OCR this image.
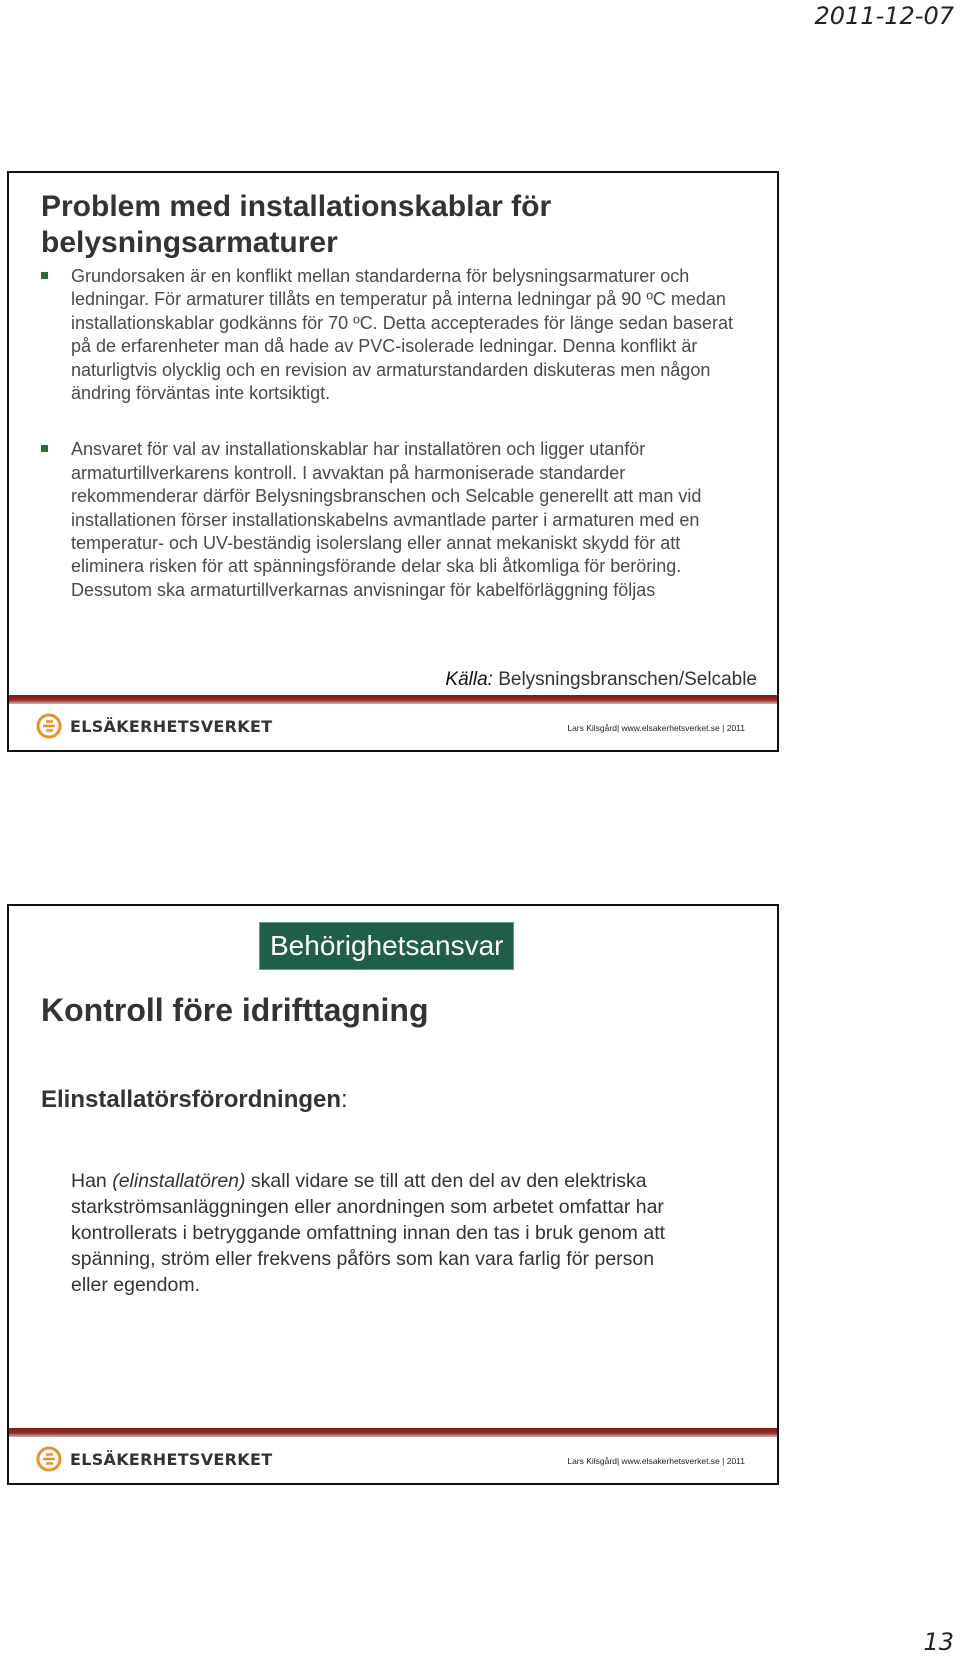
2011-12-07
Problem med installationskablar för
belysningsarmaturer
Grundorsaken är en konflikt mellan standarderna för belysningsarmaturer och ledningar. För armaturer tillåts en temperatur på interna ledningar på 90 ºC medan installationskablar godkänns för 70 ºC. Detta accepterades för länge sedan baserat på de erfarenheter man då hade av PVC-isolerade ledningar. Denna konflikt är naturligtvis olycklig och en revision av armaturstandarden diskuteras men någon ändring förväntas inte kortsiktigt.
Ansvaret för val av installationskablar har installatören och ligger utanför armaturtillverkarens kontroll. I avvaktan på harmoniserade standarder rekommenderar därför Belysningsbranschen och Selcable generellt att man vid installationen förser installationskabelns avmantlade parter i armaturen med en temperatur- och UV-beständig isolerslang eller annat mekaniskt skydd för att eliminera risken för att spänningsförande delar ska bli åtkomliga för beröring. Dessutom ska armaturtillverkarnas anvisningar för kabelförläggning följas
Källa: Belysningsbranschen/Selcable
ELSÄKERHETSVERKET	Lars Kilsgård| www.elsakerhetsverket.se | 2011
Behörighetsansvar
Kontroll före idrifttagning
Elinstallatörsförordningen:

Han (elinstallatören) skall vidare se till att den del av den elektriska starkströmsanläggningen eller anordningen som arbetet omfattar har kontrollerats i betryggande omfattning innan den tas i bruk genom att spänning, ström eller frekvens påförs som kan vara farlig för person eller egendom.

ELSÄKERHETSVERKET	Lars Kilsgård| www.elsakerhetsverket.se | 2011
13
